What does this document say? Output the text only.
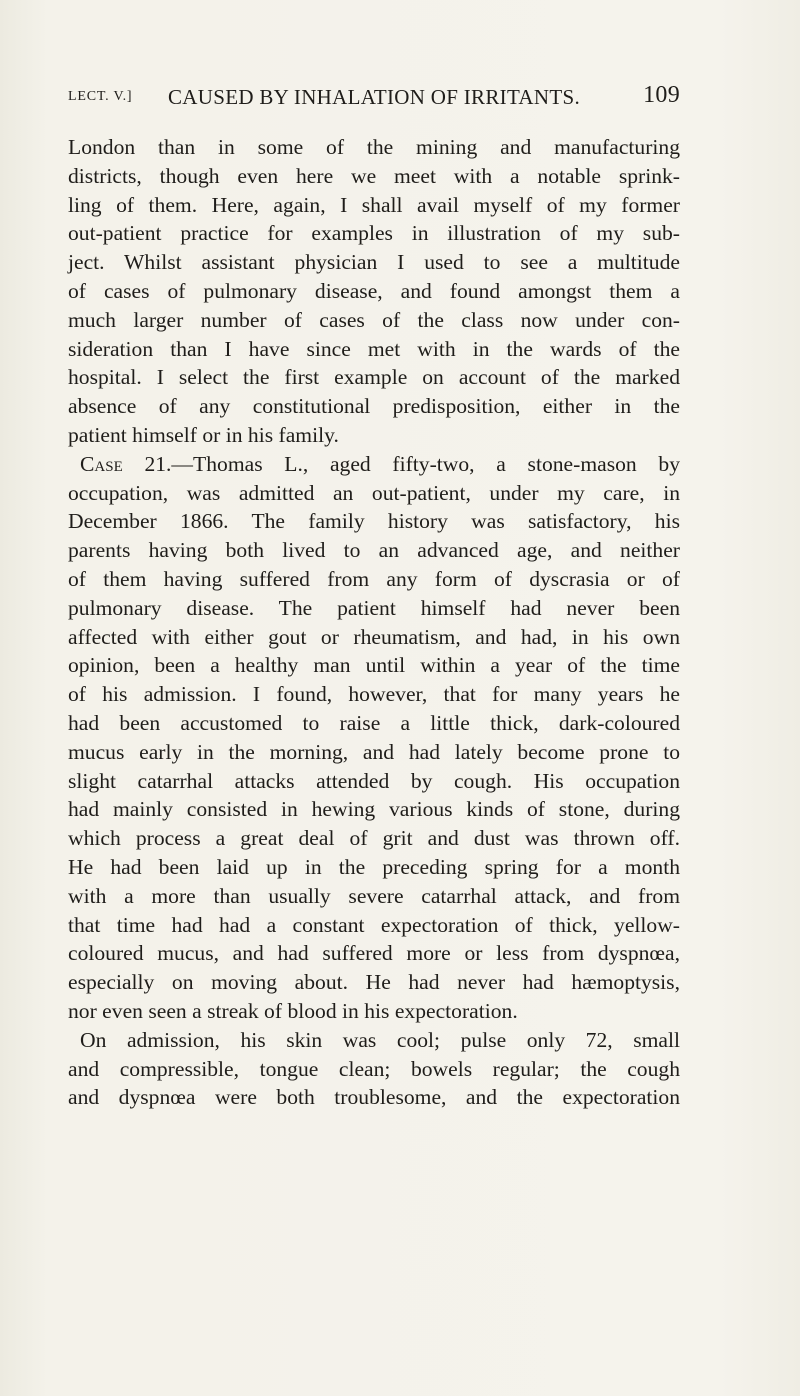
LECT. V.] CAUSED BY INHALATION OF IRRITANTS.	109

London than in some of the mining and manufacturing

districts, though even here we meet with a notable sprink-

ling of them. Here, again, I shall avail myself of my former

out-patient practice for examples in illustration of my sub-

ject. Whilst assistant physician I used to see a multitude

of cases of pulmonary disease, and found amongst them a

much larger number of cases of the class now under con-

sideration than I have since met with in the wards of the

hospital. I select the first example on account of the marked

absence of any constitutional predisposition, either in the

patient himself or in his family.

Case 21.—Thomas L., aged fifty-two, a stone-mason by

occupation, was admitted an out-patient, under my care, in

December 1866. The family history was satisfactory, his

parents having both lived to an advanced age, and neither

of them having suffered from any form of dyscrasia or of

pulmonary disease. The patient himself had never been

affected with either gout or rheumatism, and had, in his own

opinion, been a healthy man until within a year of the time

of his admission. I found, however, that for many years he

had been accustomed to raise a little thick, dark-coloured

mucus early in the morning, and had lately become prone to

slight catarrhal attacks attended by cough. His occupation

had mainly consisted in hewing various kinds of stone, during

which process a great deal of grit and dust was thrown off.

He had been laid up in the preceding spring for a month

with a more than usually severe catarrhal attack, and from

that time had had a constant expectoration of thick, yellow-

coloured mucus, and had suffered more or less from dyspnœa,

especially on moving about. He had never had hæmoptysis,

nor even seen a streak of blood in his expectoration.

On admission, his skin was cool; pulse only 72, small

and compressible, tongue clean; bowels regular; the cough

and dyspnœa were both troublesome, and the expectoration
